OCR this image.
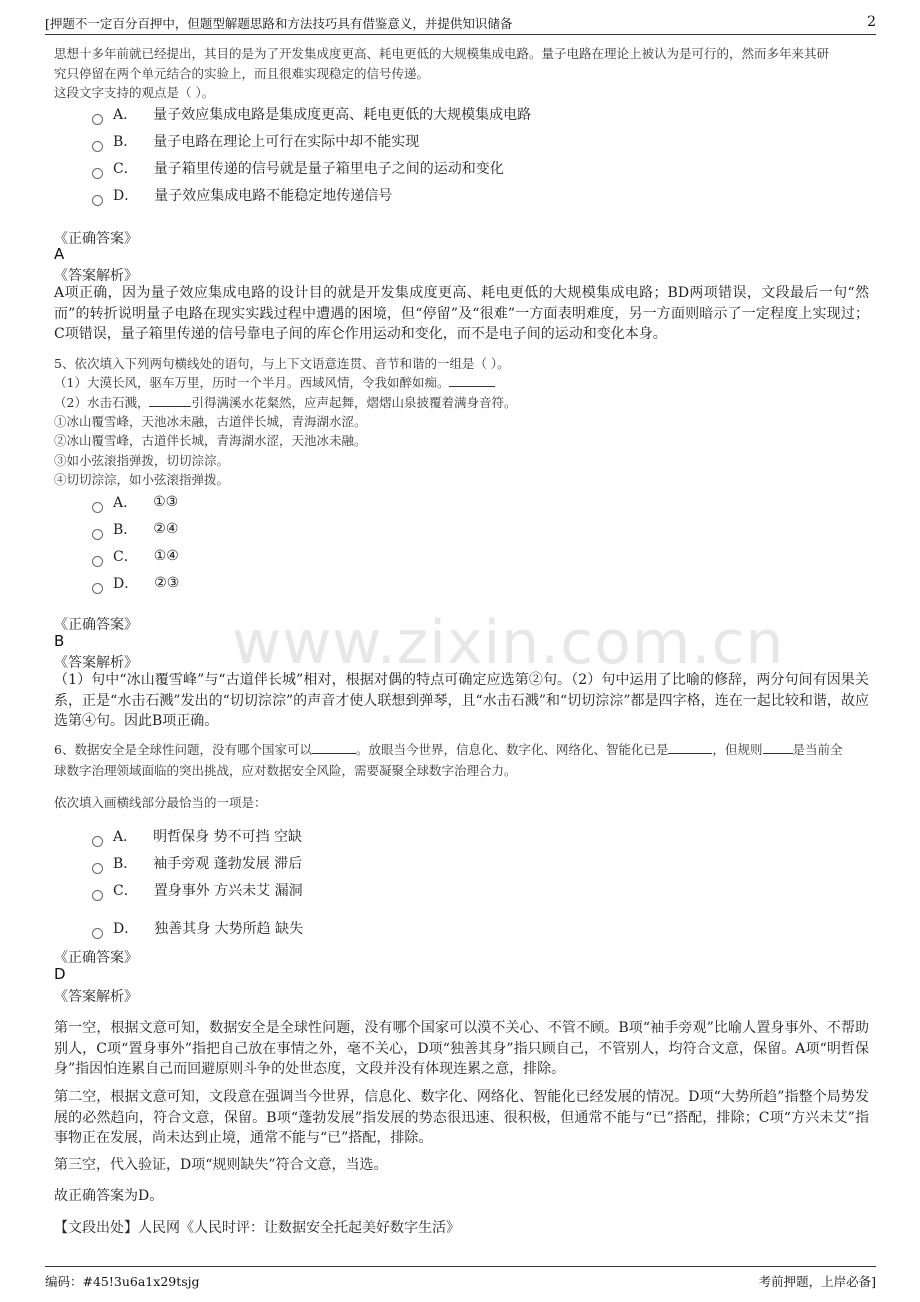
[押题不一定百分百押中，但题型解题思路和方法技巧具有借鉴意义，并提供知识储备	2
www.zixin.com.cn
思想十多年前就已经提出，其目的是为了开发集成度更高、耗电更低的大规模集成电路。量子电路在理论上被认为是可行的，然而多年来其研
究只停留在两个单元结合的实验上，而且很难实现稳定的信号传递。
这段文字支持的观点是（ ）。
A． 量子效应集成电路是集成度更高、耗电更低的大规模集成电路
B． 量子电路在理论上可行在实际中却不能实现
C． 量子箱里传递的信号就是量子箱里电子之间的运动和变化
D． 量子效应集成电路不能稳定地传递信号
《正确答案》
A
《答案解析》
A项正确，因为量子效应集成电路的设计目的就是开发集成度更高、耗电更低的大规模集成电路；BD两项错误，文段最后一句“然而”的转折说明量子电路在现实实践过程中遭遇的困境，但“停留”及“很难”一方面表明难度，另一方面则暗示了一定程度上实现过；C项错误，量子箱里传递的信号靠电子间的库仑作用运动和变化，而不是电子间的运动和变化本身。
5、依次填入下列两句横线处的语句，与上下文语意连贯、音节和谐的一组是（ ）。
（1）大漠长风，驱车万里，历时一个半月。西域风情，令我如醉如痴。
（2）水击石溅，	引得满溪水花粲然，应声起舞，熠熠山泉披覆着满身音符。
①冰山覆雪峰，天池冰未融，古道伴长城，青海湖水涩。
②冰山覆雪峰，古道伴长城，青海湖水涩，天池冰未融。
③如小弦滚指弹拨，切切淙淙。
④切切淙淙，如小弦滚指弹拨。
A． ①③
B． ②④
C． ①④
D． ②③
《正确答案》
B
《答案解析》
（1）句中“冰山覆雪峰”与“古道伴长城”相对，根据对偶的特点可确定应选第②句。（2）句中运用了比喻的修辞，两分句间有因果关系，正是“水击石溅”发出的“切切淙淙”的声音才使人联想到弹琴，且“水击石溅”和“切切淙淙”都是四字格，连在一起比较和谐，故应选第④句。因此B项正确。
6、数据安全是全球性问题，没有哪个国家可以	。放眼当今世界，信息化、数字化、网络化、智能化已是	，但规则 是当前全
球数字治理领域面临的突出挑战，应对数据安全风险，需要凝聚全球数字治理合力。
依次填入画横线部分最恰当的一项是：
A． 明哲保身 势不可挡 空缺
B． 袖手旁观 蓬勃发展 滞后
C． 置身事外 方兴未艾 漏洞
D． 独善其身 大势所趋 缺失
《正确答案》
D
《答案解析》
第一空，根据文意可知，数据安全是全球性问题，没有哪个国家可以漠不关心、不管不顾。B项“袖手旁观”比喻人置身事外、不帮助别人，C项“置身事外”指把自己放在事情之外，毫不关心，D项“独善其身”指只顾自己，不管别人，均符合文意，保留。A项“明哲保身”指因怕连累自己而回避原则斗争的处世态度，文段并没有体现连累之意，排除。
第二空，根据文意可知，文段意在强调当今世界，信息化、数字化、网络化、智能化已经发展的情况。D项“大势所趋”指整个局势发展的必然趋向，符合文意，保留。B项“蓬勃发展”指发展的势态很迅速、很积极，但通常不能与“已”搭配，排除；C项“方兴未艾”指事物正在发展，尚未达到止境，通常不能与“已”搭配，排除。
第三空，代入验证，D项“规则缺失”符合文意，当选。
故正确答案为D。
【文段出处】人民网《人民时评：让数据安全托起美好数字生活》
编码：#45!3u6a1x29tsjg	考前押题，上岸必备]
